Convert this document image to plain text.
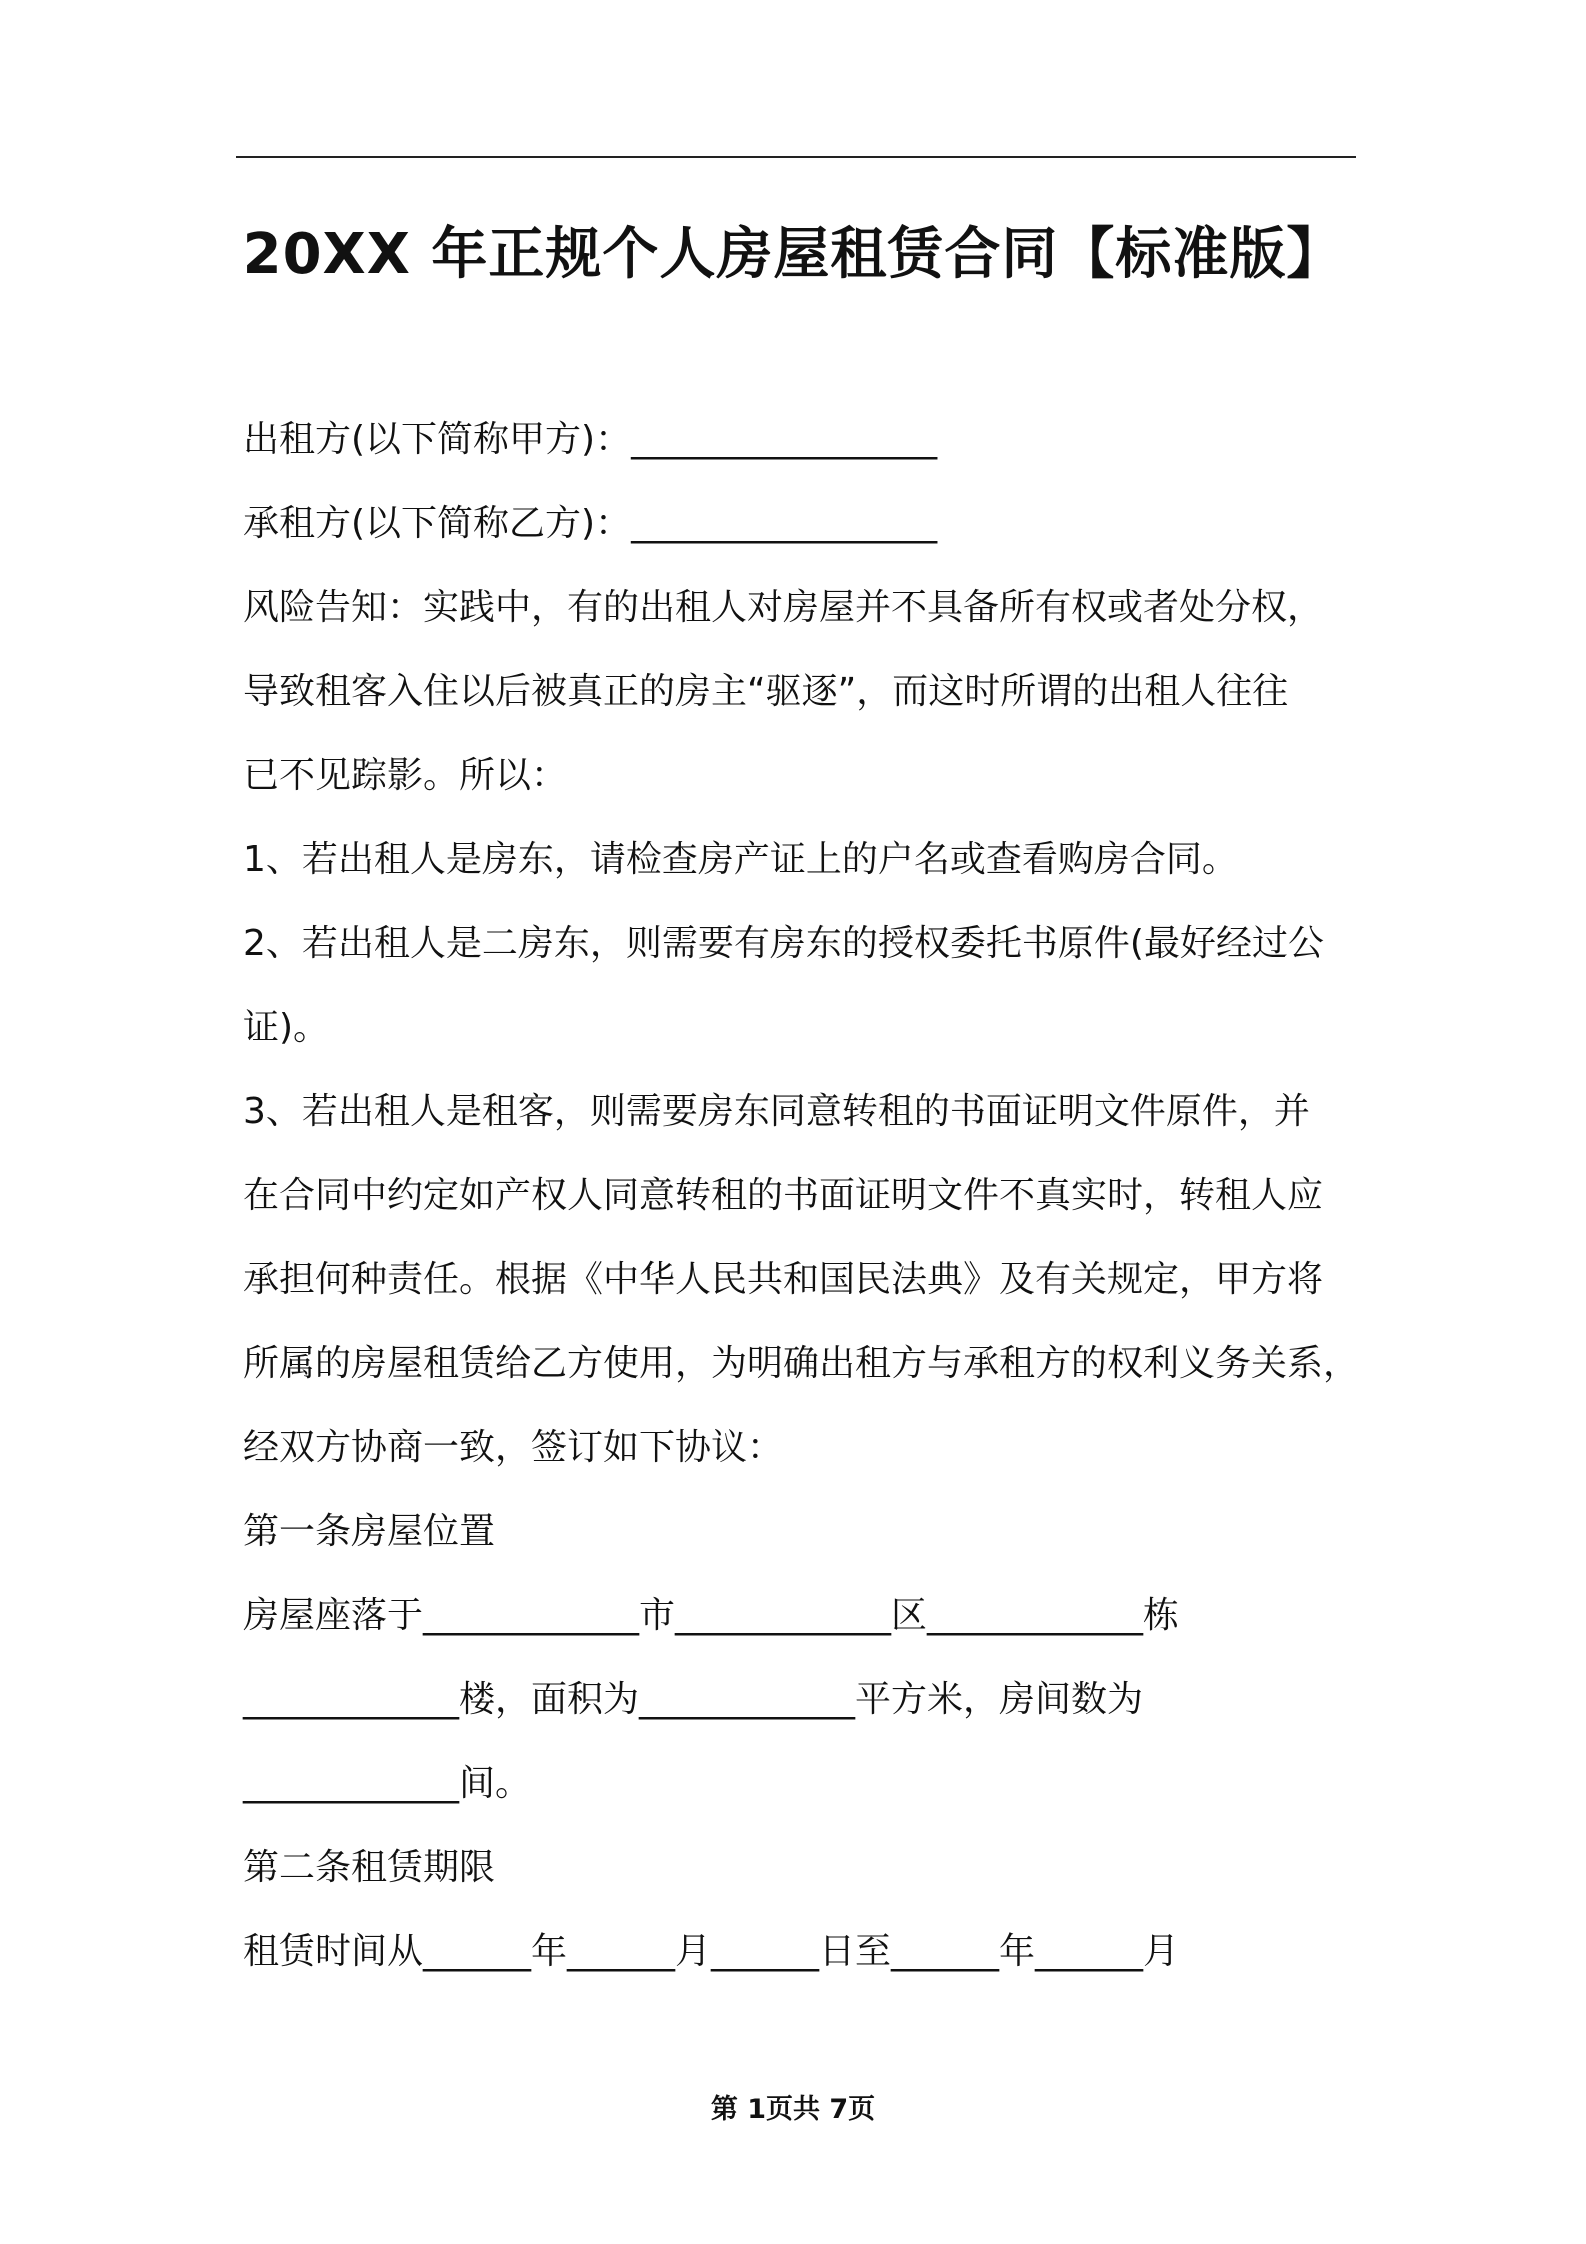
20XX 年正规个人房屋租赁合同【标准版】
出租方(以下简称甲方)：_________________
承租方(以下简称乙方)：_________________
风险告知：实践中，有的出租人对房屋并不具备所有权或者处分权，
导致租客入住以后被真正的房主“驱逐”，而这时所谓的出租人往往
已不见踪影。所以：
1、若出租人是房东，请检查房产证上的户名或查看购房合同。
2、若出租人是二房东，则需要有房东的授权委托书原件(最好经过公
证)。
3、若出租人是租客，则需要房东同意转租的书面证明文件原件，并
在合同中约定如产权人同意转租的书面证明文件不真实时，转租人应
承担何种责任。根据《中华人民共和国民法典》及有关规定，甲方将
所属的房屋租赁给乙方使用，为明确出租方与承租方的权利义务关系，
经双方协商一致，签订如下协议：
第一条房屋位置
房屋座落于____________市____________区____________栋
____________楼，面积为____________平方米，房间数为
____________间。
第二条租赁期限
租赁时间从______年______月______日至______年______月
第 1页共 7页
